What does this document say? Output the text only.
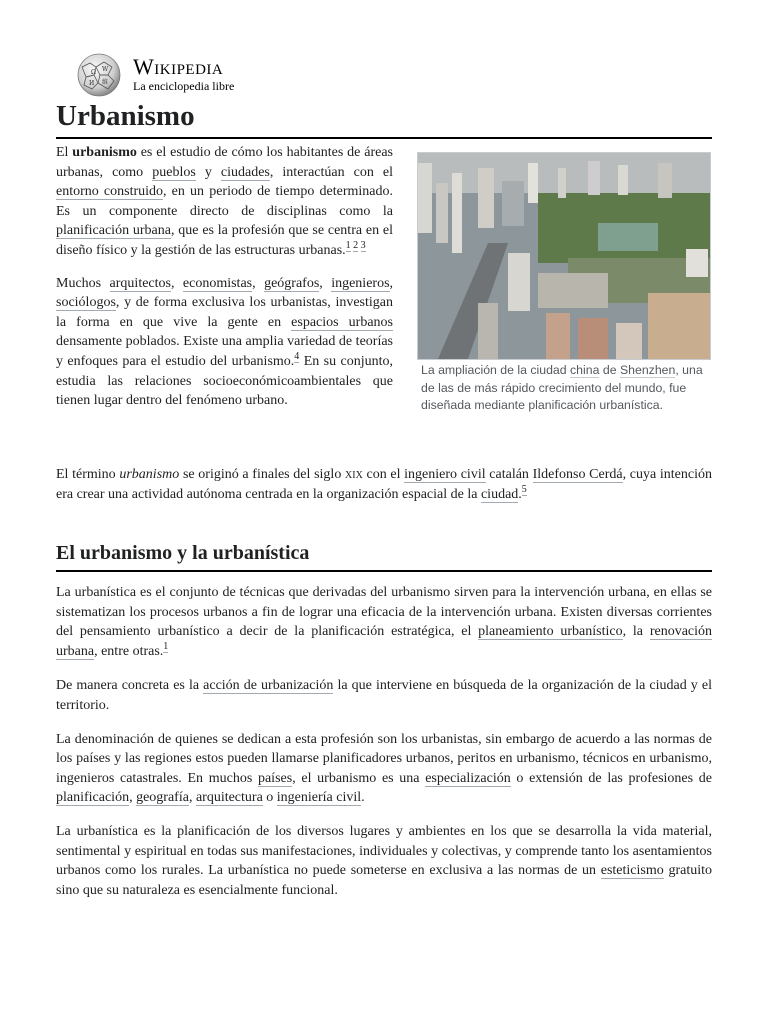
Ω W
И 維
Wikipedia
La enciclopedia libre
Urbanismo

El urbanismo es el estudio de cómo los habitantes de áreas urbanas, como pueblos y ciudades, interactúan con el entorno construido, en un periodo de tiempo determinado. Es un componente directo de disciplinas como la planificación urbana, que es la profesión que se centra en el diseño físico y la gestión de las estructuras urbanas.$^1$ $^2$ $^3$

Muchos arquitectos, economistas, geógrafos, ingenieros, sociólogos, y de forma exclusiva los urbanistas, investigan la forma en que vive la gente en espacios urbanos densamente poblados. Existe una amplia variedad de teorías y enfoques para el estudio del urbanismo.$^4$ En su conjunto, estudia las relaciones socioeconómicoambientales que tienen lugar dentro del fenómeno urbano.

La ampliación de la ciudad china de Shenzhen, una de las de más rápido crecimiento del mundo, fue diseñada mediante planificación urbanística.

El término urbanismo se originó a finales del siglo xix con el ingeniero civil catalán Ildefonso Cerdá, cuya intención era crear una actividad autónoma centrada en la organización espacial de la ciudad.$^5$

El urbanismo y la urbanística

La urbanística es el conjunto de técnicas que derivadas del urbanismo sirven para la intervención urbana, en ellas se sistematizan los procesos urbanos a fin de lograr una eficacia de la intervención urbana. Existen diversas corrientes del pensamiento urbanístico a decir de la planificación estratégica, el planeamiento urbanístico, la renovación urbana, entre otras.$^1$

De manera concreta es la acción de urbanización la que interviene en búsqueda de la organización de la ciudad y el territorio.

La denominación de quienes se dedican a esta profesión son los urbanistas, sin embargo de acuerdo a las normas de los países y las regiones estos pueden llamarse planificadores urbanos, peritos en urbanismo, técnicos en urbanismo, ingenieros catastrales. En muchos países, el urbanismo es una especialización o extensión de las profesiones de planificación, geografía, arquitectura o ingeniería civil.

La urbanística es la planificación de los diversos lugares y ambientes en los que se desarrolla la vida material, sentimental y espiritual en todas sus manifestaciones, individuales y colectivas, y comprende tanto los asentamientos urbanos como los rurales. La urbanística no puede someterse en exclusiva a las normas de un esteticismo gratuito sino que su naturaleza es esencialmente funcional.
